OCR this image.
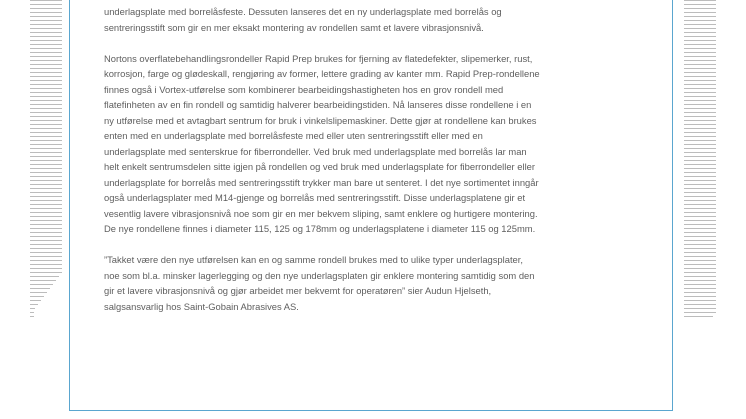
underlagsplate med borrelåsfeste. Dessuten lanseres det en ny underlagsplate med borrelås og
sentreringsstift som gir en mer eksakt montering av rondellen samt et lavere vibrasjonsnivå.

Nortons overflatebehandlingsrondeller Rapid Prep brukes for fjerning av flatedefekter, slipemerker, rust,
korrosjon, farge og glødeskall, rengjøring av former, lettere grading av kanter mm. Rapid Prep-rondellene
finnes også i Vortex-utførelse som kombinerer bearbeidingshastigheten hos en grov rondell med
flatefinheten av en fin rondell og samtidig halverer bearbeidingstiden. Nå lanseres disse rondellene i en
ny utførelse med et avtagbart sentrum for bruk i vinkelslipemaskiner. Dette gjør at rondellene kan brukes
enten med en underlagsplate med borrelåsfeste med eller uten sentreringsstift eller med en
underlagsplate med senterskrue for fiberrondeller. Ved bruk med underlagsplate med borrelås lar man
helt enkelt sentrumsdelen sitte igjen på rondellen og ved bruk med underlagsplate for fiberrondeller eller
underlagsplate for borrelås med sentreringsstift trykker man bare ut senteret. I det nye sortimentet inngår
også underlagsplater med M14-gjenge og borrelås med sentreringsstift. Disse underlagsplatene gir et
vesentlig lavere vibrasjonsnivå noe som gir en mer bekvem sliping, samt enklere og hurtigere montering.
De nye rondellene finnes i diameter 115, 125 og 178mm og underlagsplatene i diameter 115 og 125mm.

”Takket være den nye utførelsen kan en og samme rondell brukes med to ulike typer underlagsplater,
noe som bl.a. minsker lagerlegging og den nye underlagsplaten gir enklere montering samtidig som den
gir et lavere vibrasjonsnivå og gjør arbeidet mer bekvemt for operatøren” sier Audun Hjelseth,
salgsansvarlig hos Saint-Gobain Abrasives AS.
